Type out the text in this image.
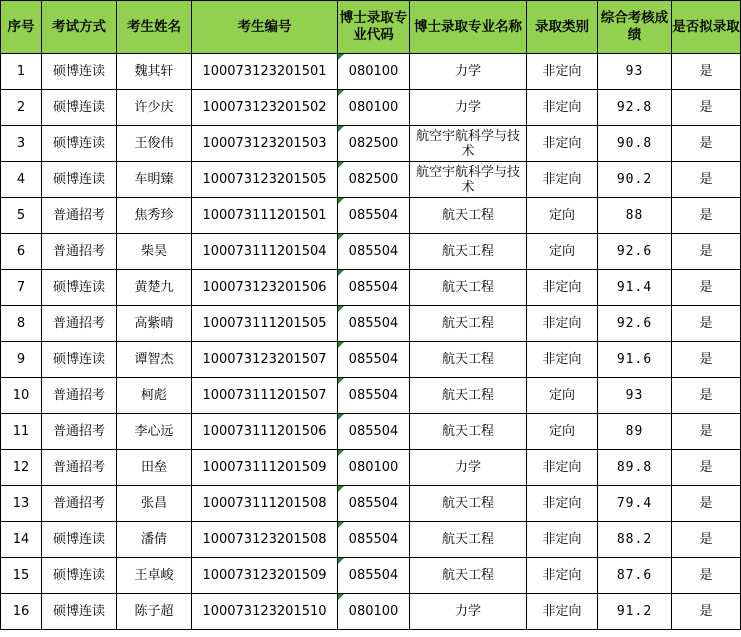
序号	考试方式	考生姓名	考生编号	博士录取专业代码	博士录取专业名称	录取类别	综合考核成绩	是否拟录取
1	硕博连读	魏其轩	100073123201501	080100	力学	非定向	93	是
2	硕博连读	许少庆	100073123201502	080100	力学	非定向	92.8	是
3	硕博连读	王俊伟	100073123201503	082500	航空宇航科学与技术	非定向	90.8	是
4	硕博连读	车明臻	100073123201505	082500	航空宇航科学与技术	非定向	90.2	是
5	普通招考	焦秀珍	100073111201501	085504	航天工程	定向	88	是
6	普通招考	柴昊	100073111201504	085504	航天工程	定向	92.6	是
7	硕博连读	黄楚九	100073123201506	085504	航天工程	非定向	91.4	是
8	普通招考	高紫晴	100073111201505	085504	航天工程	非定向	92.6	是
9	硕博连读	谭智杰	100073123201507	085504	航天工程	非定向	91.6	是
10	普通招考	柯彪	100073111201507	085504	航天工程	定向	93	是
11	普通招考	李心远	100073111201506	085504	航天工程	定向	89	是
12	普通招考	田垒	100073111201509	080100	力学	非定向	89.8	是
13	普通招考	张昌	100073111201508	085504	航天工程	非定向	79.4	是
14	硕博连读	潘倩	100073123201508	085504	航天工程	非定向	88.2	是
15	硕博连读	王卓峻	100073123201509	085504	航天工程	非定向	87.6	是
16	硕博连读	陈子超	100073123201510	080100	力学	非定向	91.2	是
